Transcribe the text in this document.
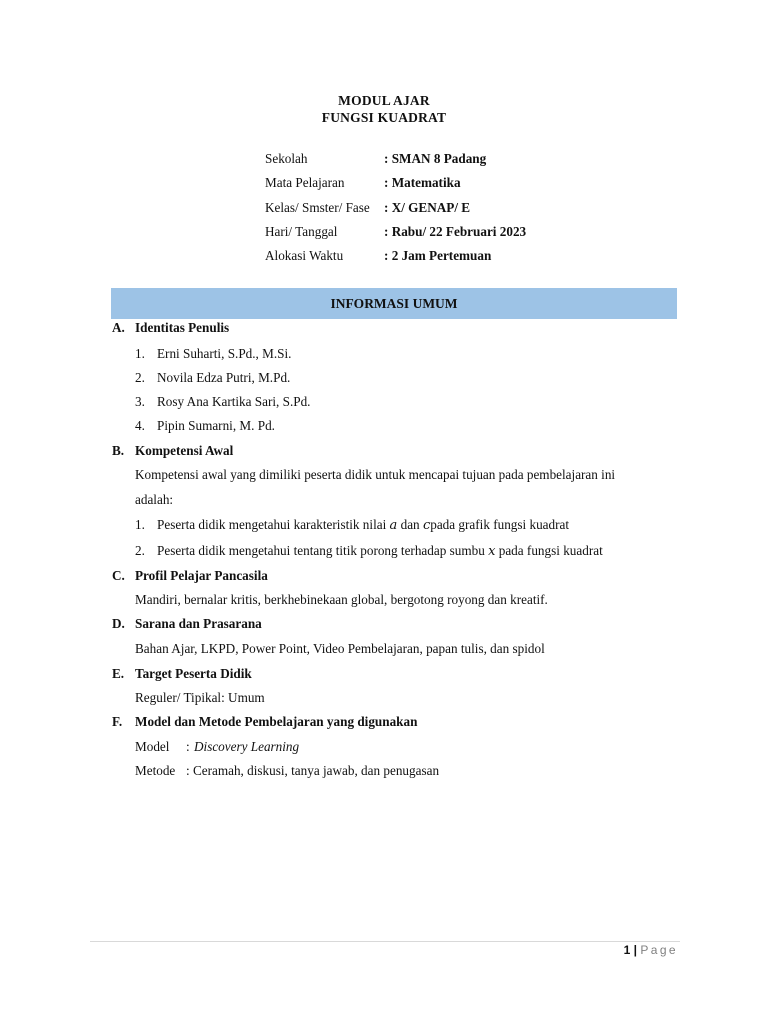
MODUL AJAR
FUNGSI KUADRAT
Sekolah	: SMAN 8 Padang
Mata Pelajaran	: Matematika
Kelas/ Smster/ Fase : X/ GENAP/ E
Hari/ Tanggal	: Rabu/ 22 Februari 2023
Alokasi Waktu	: 2 Jam Pertemuan
INFORMASI UMUM
A. Identitas Penulis
1. Erni Suharti, S.Pd., M.Si.
2. Novila Edza Putri, M.Pd.
3. Rosy Ana Kartika Sari, S.Pd.
4. Pipin Sumarni, M. Pd.
B. Kompetensi Awal
Kompetensi awal yang dimiliki peserta didik untuk mencapai tujuan pada pembelajaran ini
adalah:
1. Peserta didik mengetahui karakteristik nilai a dan cpada grafik fungsi kuadrat
2. Peserta didik mengetahui tentang titik porong terhadap sumbu x pada fungsi kuadrat
C. Profil Pelajar Pancasila
Mandiri, bernalar kritis, berkhebinekaan global, bergotong royong dan kreatif.
D. Sarana dan Prasarana
Bahan Ajar, LKPD, Power Point, Video Pembelajaran, papan tulis, dan spidol
E. Target Peserta Didik
Reguler/ Tipikal: Umum
F. Model dan Metode Pembelajaran yang digunakan
Model : Discovery Learning
Metode : Ceramah, diskusi, tanya jawab, dan penugasan
1 | Page
